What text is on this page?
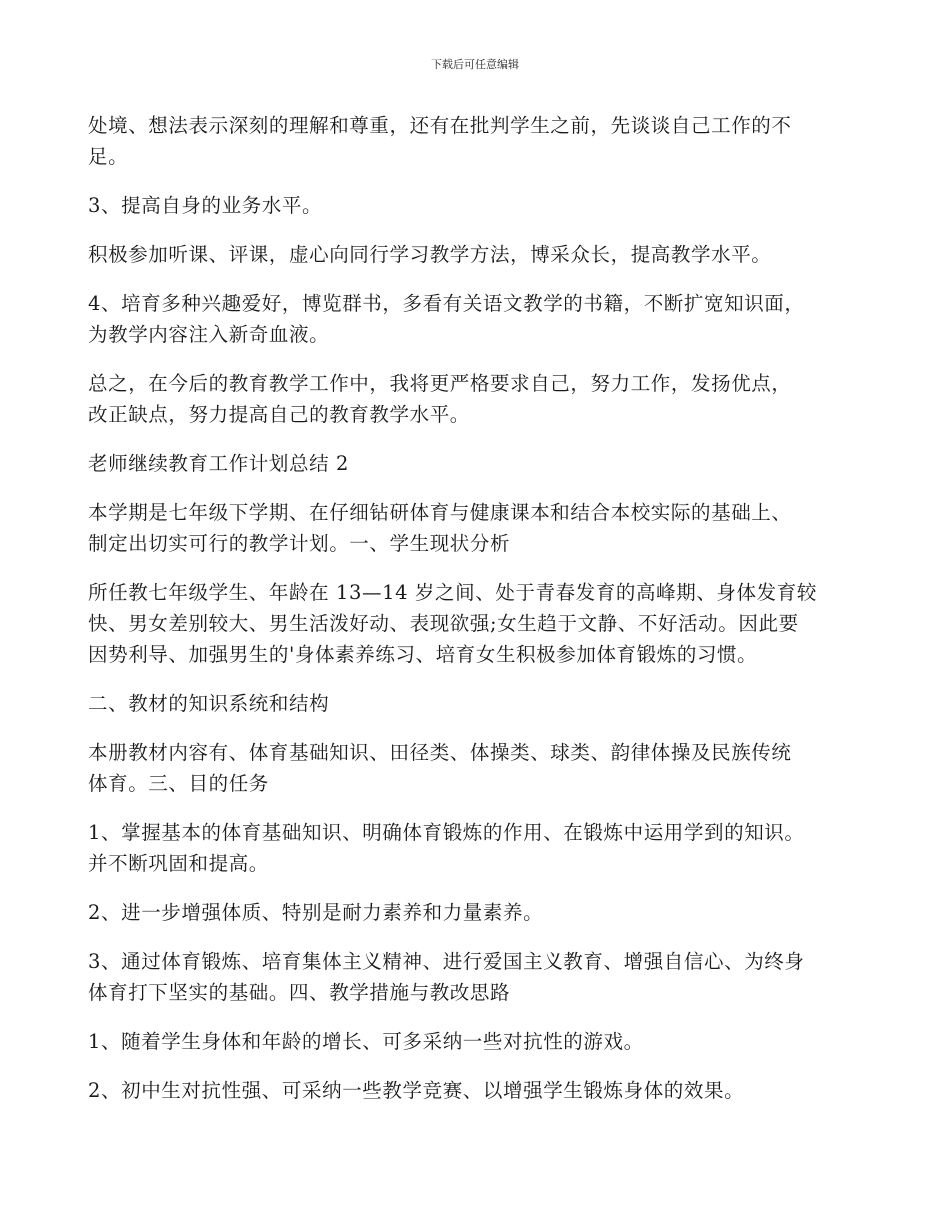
下载后可任意编辑

处境、想法表示深刻的理解和尊重，还有在批判学生之前，先谈谈自己工作的不
足。

3、提高自身的业务水平。

积极参加听课、评课，虚心向同行学习教学方法，博采众长，提高教学水平。

4、培育多种兴趣爱好，博览群书，多看有关语文教学的书籍，不断扩宽知识面，
为教学内容注入新奇血液。

总之，在今后的教育教学工作中，我将更严格要求自己，努力工作，发扬优点，
改正缺点，努力提高自己的教育教学水平。

老师继续教育工作计划总结 2

本学期是七年级下学期、在仔细钻研体育与健康课本和结合本校实际的基础上、
制定出切实可行的教学计划。一、学生现状分析

所任教七年级学生、年龄在 13—14 岁之间、处于青春发育的高峰期、身体发育较
快、男女差别较大、男生活泼好动、表现欲强;女生趋于文静、不好活动。因此要
因势利导、加强男生的'身体素养练习、培育女生积极参加体育锻炼的习惯。

二、教材的知识系统和结构

本册教材内容有、体育基础知识、田径类、体操类、球类、韵律体操及民族传统
体育。三、目的任务

1、掌握基本的体育基础知识、明确体育锻炼的作用、在锻炼中运用学到的知识。
并不断巩固和提高。

2、进一步增强体质、特别是耐力素养和力量素养。

3、通过体育锻炼、培育集体主义精神、进行爱国主义教育、增强自信心、为终身
体育打下坚实的基础。四、教学措施与教改思路

1、随着学生身体和年龄的增长、可多采纳一些对抗性的游戏。

2、初中生对抗性强、可采纳一些教学竞赛、以增强学生锻炼身体的效果。
